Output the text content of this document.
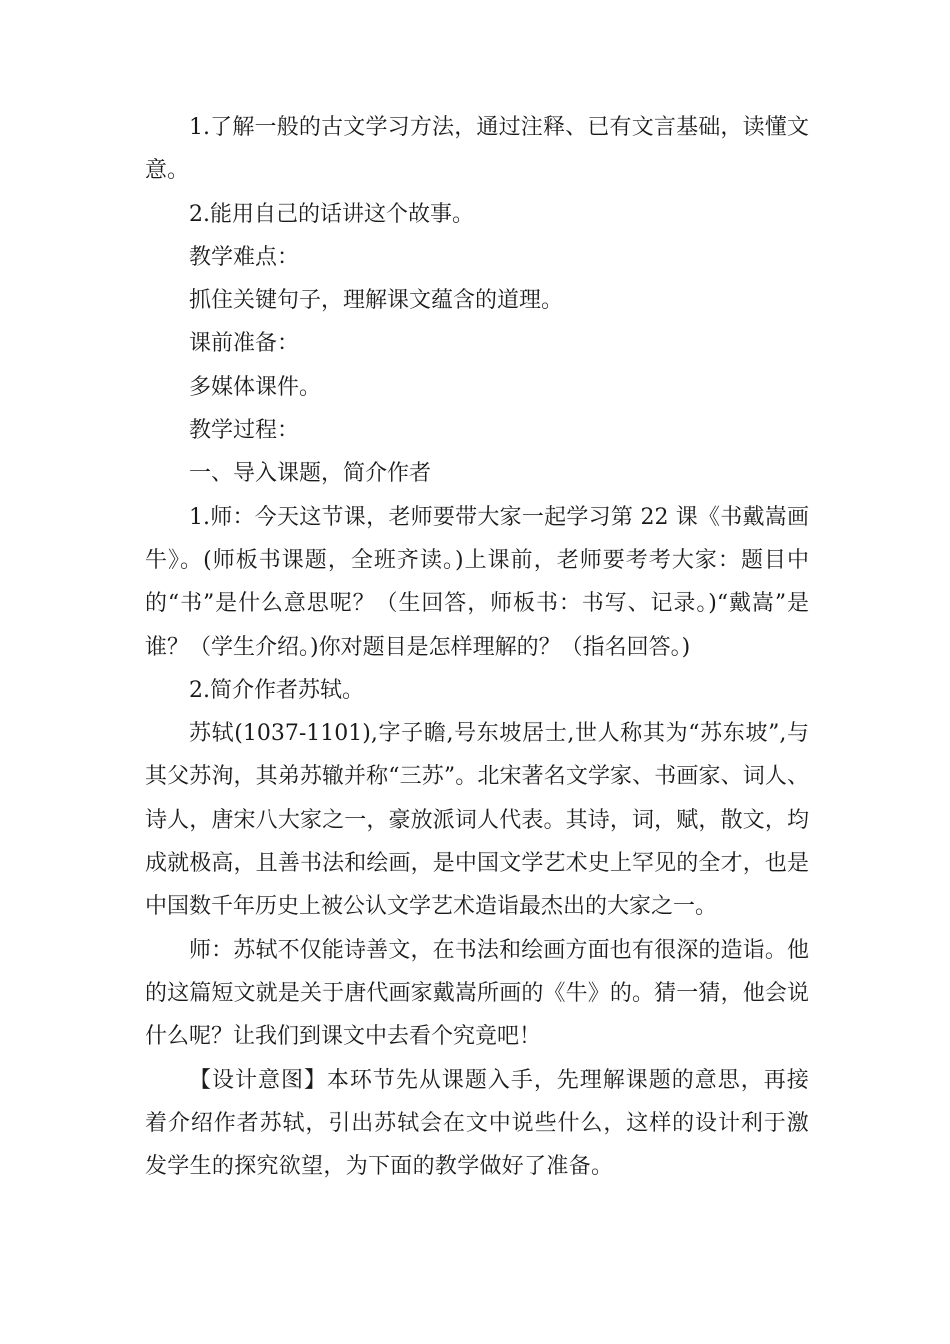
1.了解一般的古文学习方法，通过注释、已有文言基础，读懂文意。

2.能用自己的话讲这个故事。

教学难点：

抓住关键句子，理解课文蕴含的道理。

课前准备：

多媒体课件。

教学过程：

一、导入课题，简介作者

1.师：今天这节课，老师要带大家一起学习第 22 课《书戴嵩画牛》。(师板书课题，全班齐读。)上课前，老师要考考大家：题目中的“书”是什么意思呢？（生回答，师板书：书写、记录。)“戴嵩”是谁？（学生介绍。)你对题目是怎样理解的？（指名回答。)

2.简介作者苏轼。

苏轼(1037-1101),字子瞻,号东坡居士,世人称其为“苏东坡”,与其父苏洵，其弟苏辙并称“三苏”。北宋著名文学家、书画家、词人、诗人，唐宋八大家之一，豪放派词人代表。其诗，词，赋，散文，均成就极高，且善书法和绘画，是中国文学艺术史上罕见的全才，也是中国数千年历史上被公认文学艺术造诣最杰出的大家之一。

师：苏轼不仅能诗善文，在书法和绘画方面也有很深的造诣。他的这篇短文就是关于唐代画家戴嵩所画的《牛》的。猜一猜，他会说什么呢？让我们到课文中去看个究竟吧！

【设计意图】本环节先从课题入手，先理解课题的意思，再接着介绍作者苏轼，引出苏轼会在文中说些什么，这样的设计利于激发学生的探究欲望，为下面的教学做好了准备。
